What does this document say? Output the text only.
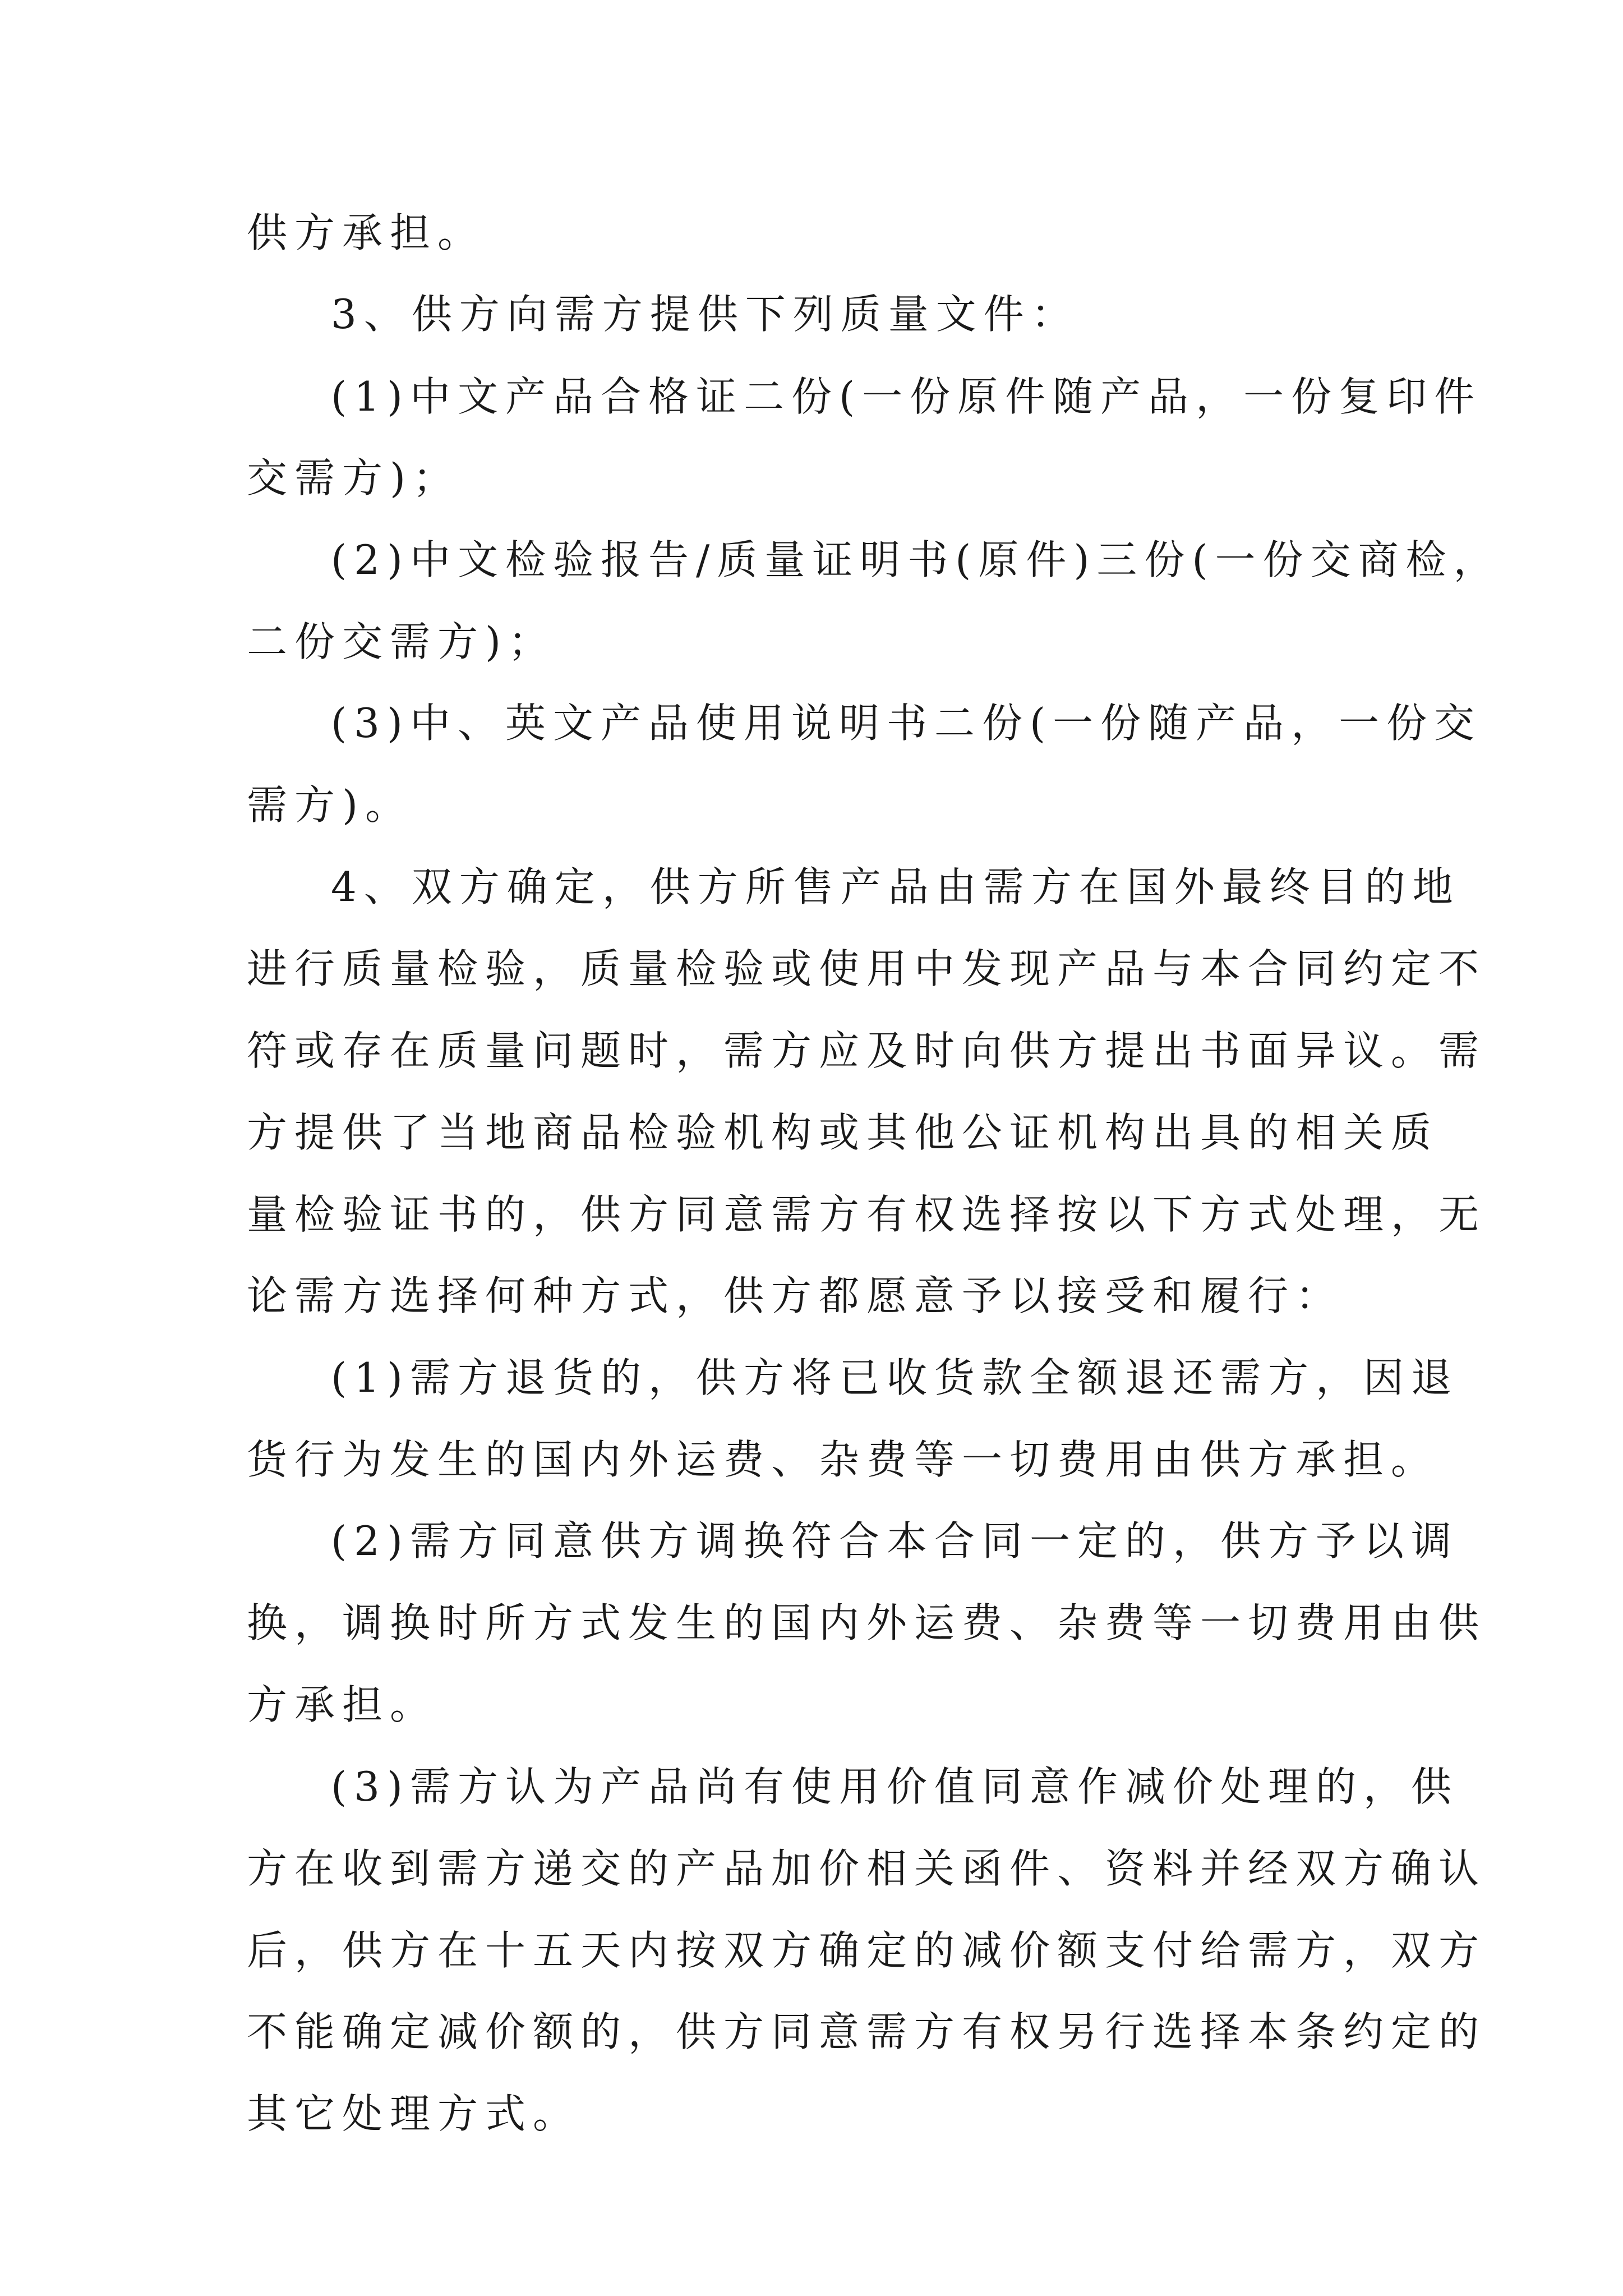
供方承担。
3、供方向需方提供下列质量文件：
(1)中文产品合格证二份(一份原件随产品，一份复印件
交需方)；
(2)中文检验报告/质量证明书(原件)三份(一份交商检，
二份交需方)；
(3)中、英文产品使用说明书二份(一份随产品，一份交
需方)。
4、双方确定，供方所售产品由需方在国外最终目的地
进行质量检验，质量检验或使用中发现产品与本合同约定不
符或存在质量问题时，需方应及时向供方提出书面异议。需
方提供了当地商品检验机构或其他公证机构出具的相关质
量检验证书的，供方同意需方有权选择按以下方式处理，无
论需方选择何种方式，供方都愿意予以接受和履行：
(1)需方退货的，供方将已收货款全额退还需方，因退
货行为发生的国内外运费、杂费等一切费用由供方承担。
(2)需方同意供方调换符合本合同一定的，供方予以调
换，调换时所方式发生的国内外运费、杂费等一切费用由供
方承担。
(3)需方认为产品尚有使用价值同意作减价处理的，供
方在收到需方递交的产品加价相关函件、资料并经双方确认
后，供方在十五天内按双方确定的减价额支付给需方，双方
不能确定减价额的，供方同意需方有权另行选择本条约定的
其它处理方式。
